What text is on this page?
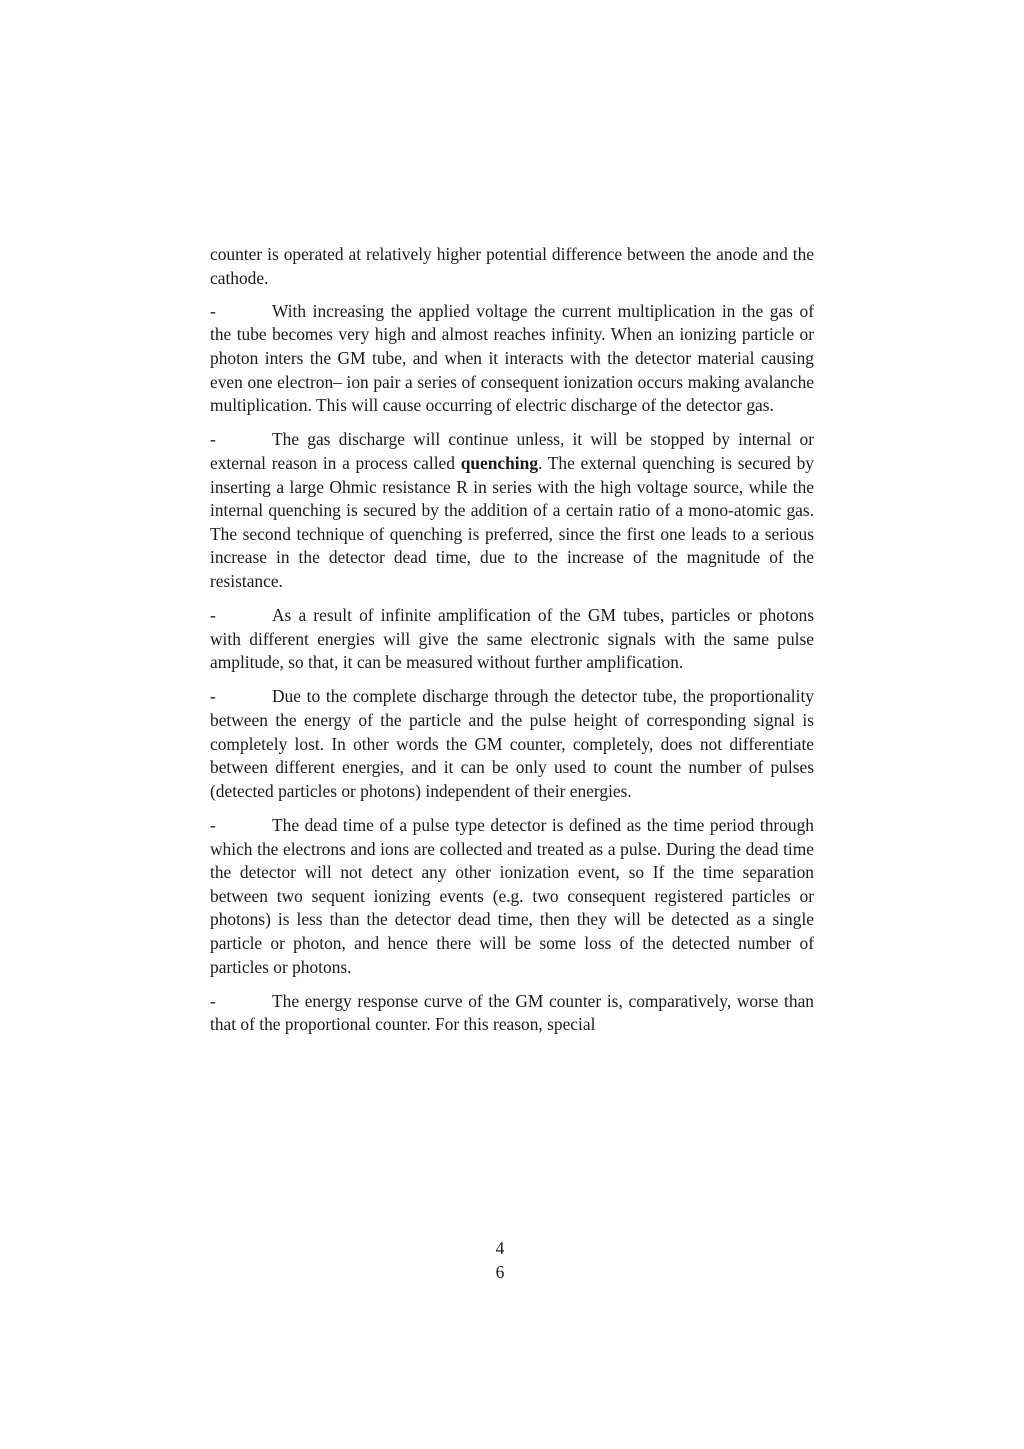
counter is operated at relatively higher potential difference between the anode and the cathode.

-	With increasing the applied voltage the current multiplication in the gas of the tube becomes very high and almost reaches infinity. When an ionizing particle or photon inters the GM tube, and when it interacts with the detector material causing even one electron– ion pair a series of consequent ionization occurs making avalanche multiplication. This will cause occurring of electric discharge of the detector gas.

-	The gas discharge will continue unless, it will be stopped by internal or external reason in a process called quenching. The external quenching is secured by inserting a large Ohmic resistance R in series with the high voltage source, while the internal quenching is secured by the addition of a certain ratio of a mono-atomic gas. The second technique of quenching is preferred, since the first one leads to a serious increase in the detector dead time, due to the increase of the magnitude of the resistance.

-	As a result of infinite amplification of the GM tubes, particles or photons with different energies will give the same electronic signals with the same pulse amplitude, so that, it can be measured without further amplification.

-	Due to the complete discharge through the detector tube, the proportionality between the energy of the particle and the pulse height of corresponding signal is completely lost. In other words the GM counter, completely, does not differentiate between different energies, and it can be only used to count the number of pulses (detected particles or photons) independent of their energies.

-	The dead time of a pulse type detector is defined as the time period through which the electrons and ions are collected and treated as a pulse. During the dead time the detector will not detect any other ionization event, so If the time separation between two sequent ionizing events (e.g. two consequent registered particles or photons) is less than the detector dead time, then they will be detected as a single particle or photon, and hence there will be some loss of the detected number of particles or photons.

-	The energy response curve of the GM counter is, comparatively, worse than that of the proportional counter. For this reason, special

4
6
